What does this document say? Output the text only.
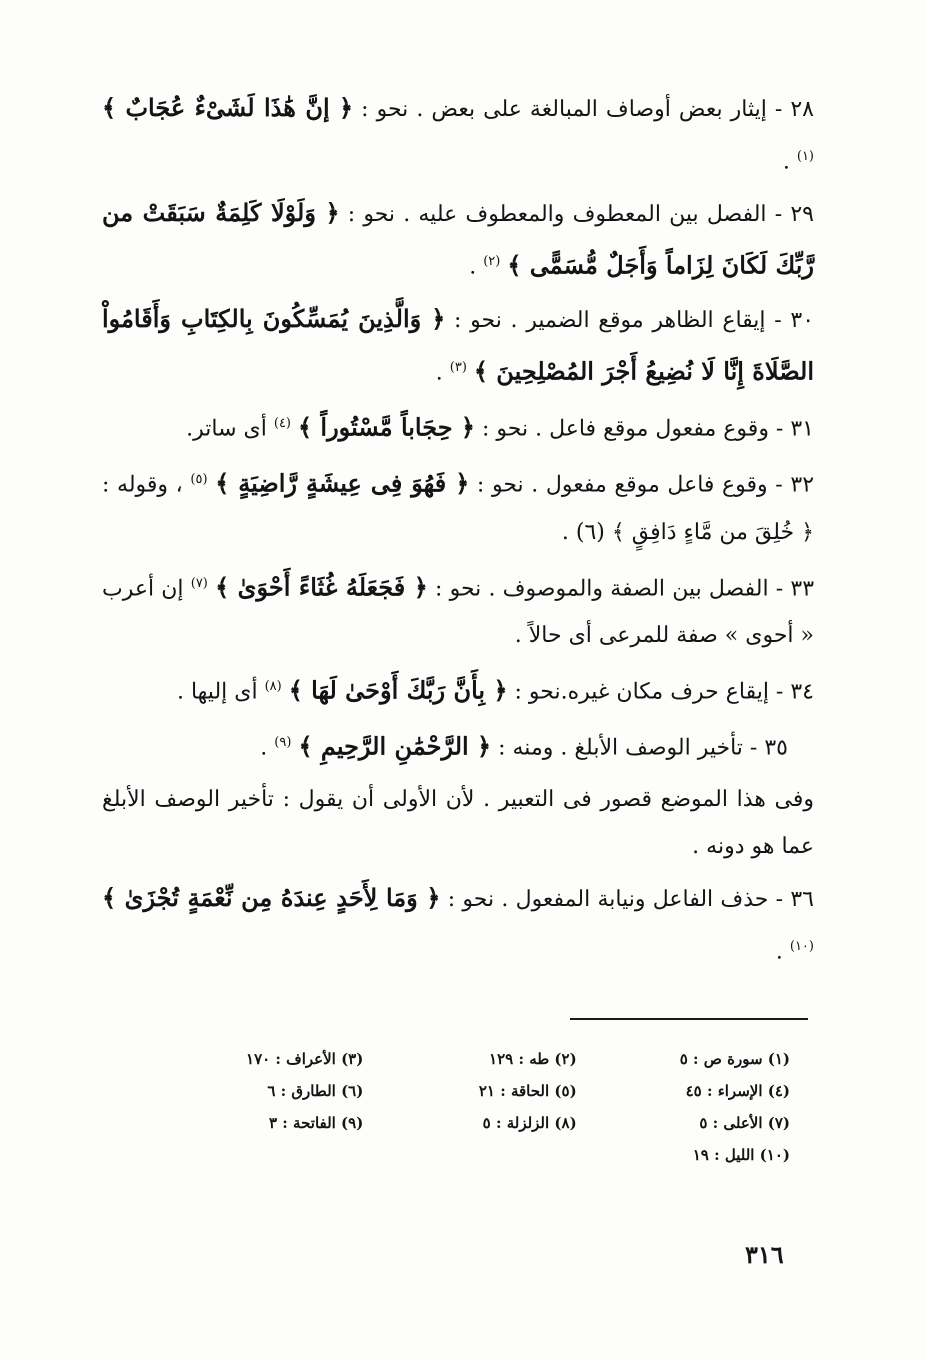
٢٨ - إيثار بعض أوصاف المبالغة على بعض . نحو : ﴿ إنَّ هَٰذَا لَشَىْءٌ عُجَابٌ ﴾ $^{(١)}$ .

٢٩ - الفصل بين المعطوف والمعطوف عليه . نحو : ﴿ وَلَوْلَا كَلِمَةٌ سَبَقَتْ من رَّبِّكَ لَكَانَ لِزَاماً وَأَجَلٌ مُّسَمًّى ﴾ $^{(٢)}$ .

٣٠ - إيقاع الظاهر موقع الضمير . نحو : ﴿ وَالَّذِينَ يُمَسِّكُونَ بِالكِتَابِ وَأَقَامُواْ الصَّلَاةَ إِنَّا لَا نُضِيعُ أَجْرَ المُصْلِحِينَ ﴾ $^{(٣)}$ .

٣١ - وقوع مفعول موقع فاعل . نحو : ﴿ حِجَاباً مَّسْتُوراً ﴾ $^{(٤)}$ أى ساتر.

٣٢ - وقوع فاعل موقع مفعول . نحو : ﴿ فَهُوَ فِى عِيشَةٍ رَّاضِيَةٍ ﴾ $^{(٥)}$ ، وقوله : ﴿ خُلِقَ من مَّاءٍ دَافِقٍ ﴾ (٦) .

٣٣ - الفصل بين الصفة والموصوف . نحو : ﴿ فَجَعَلَهُ غُثَاءً أَحْوَىٰ ﴾ $^{(٧)}$ إن أعرب « أحوى » صفة للمرعى أى حالاً .

٣٤ - إيقاع حرف مكان غيره.نحو : ﴿ بِأَنَّ رَبَّكَ أَوْحَىٰ لَهَا ﴾ $^{(٨)}$ أى إليها .

٣٥ - تأخير الوصف الأبلغ . ومنه : ﴿ الرَّحْمَٰنِ الرَّحِيمِ ﴾ $^{(٩)}$ .

وفى هذا الموضع قصور فى التعبير . لأن الأولى أن يقول : تأخير الوصف الأبلغ عما هو دونه .

٣٦ - حذف الفاعل ونيابة المفعول . نحو : ﴿ وَمَا لِأَحَدٍ عِندَهُ مِن نِّعْمَةٍ تُجْزَىٰ ﴾ $^{(١٠)}$ .

(١) سورة ص : ٥
(٢) طه : ١٢٩
(٣) الأعراف : ١٧٠
(٤) الإسراء : ٤٥
(٥) الحاقة : ٢١
(٦) الطارق : ٦
(٧) الأعلى : ٥
(٨) الزلزلة : ٥
(٩) الفاتحة : ٣
(١٠) الليل : ١٩
٣١٦
